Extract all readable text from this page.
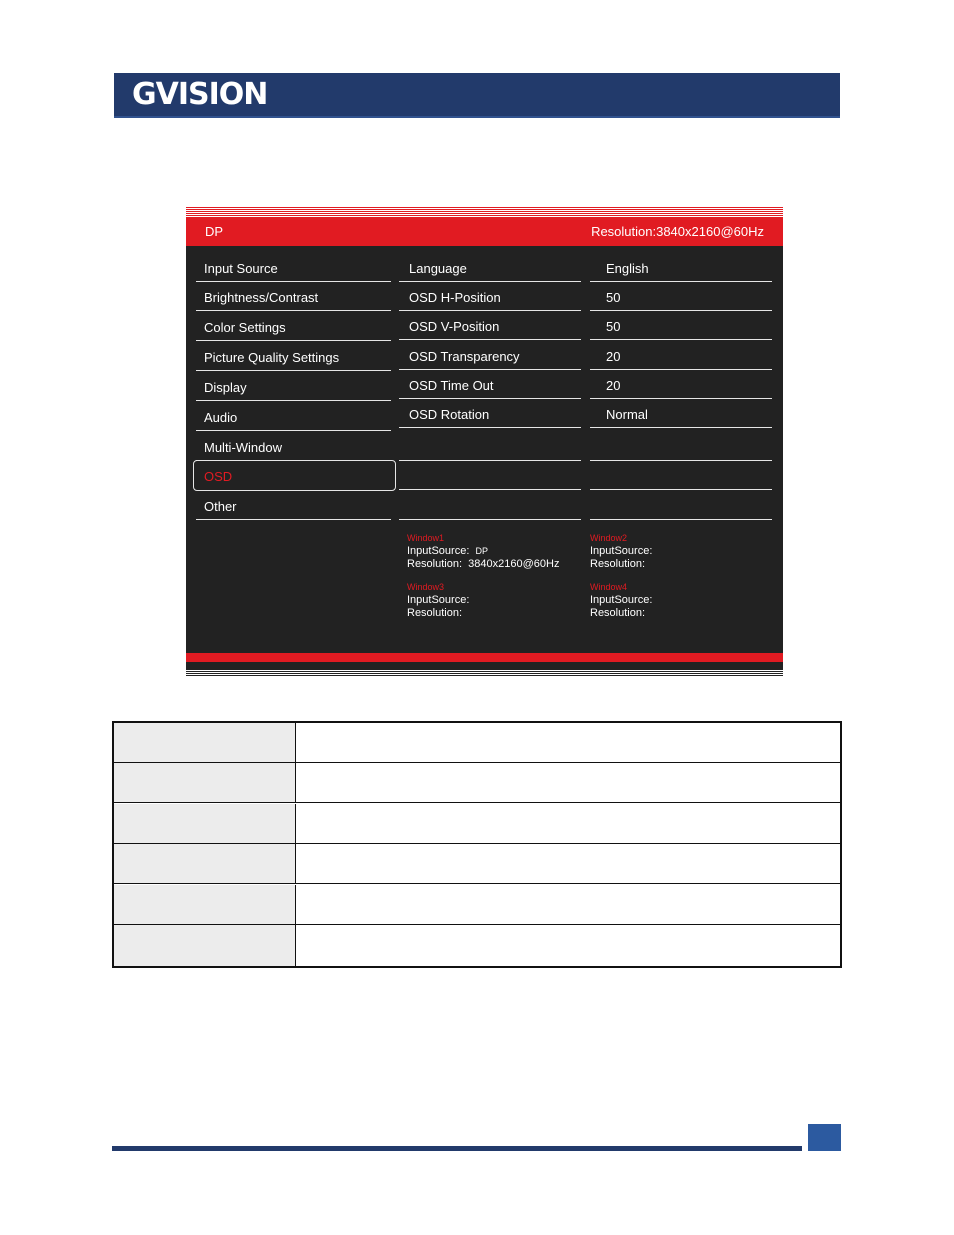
GVISION
DP	Resolution:3840x2160@60Hz
Input Source
Brightness/Contrast
Color Settings
Picture Quality Settings
Display
Audio
Multi-Window
OSD
Other
Language
OSD H-Position
OSD V-Position
OSD Transparency
OSD Time Out
OSD Rotation
English
50
50
20
20
Normal
Window1
InputSource: DP
Resolution: 3840x2160@60Hz
Window2
InputSource:
Resolution:
Window3
InputSource:
Resolution:
Window4
InputSource:
Resolution:
